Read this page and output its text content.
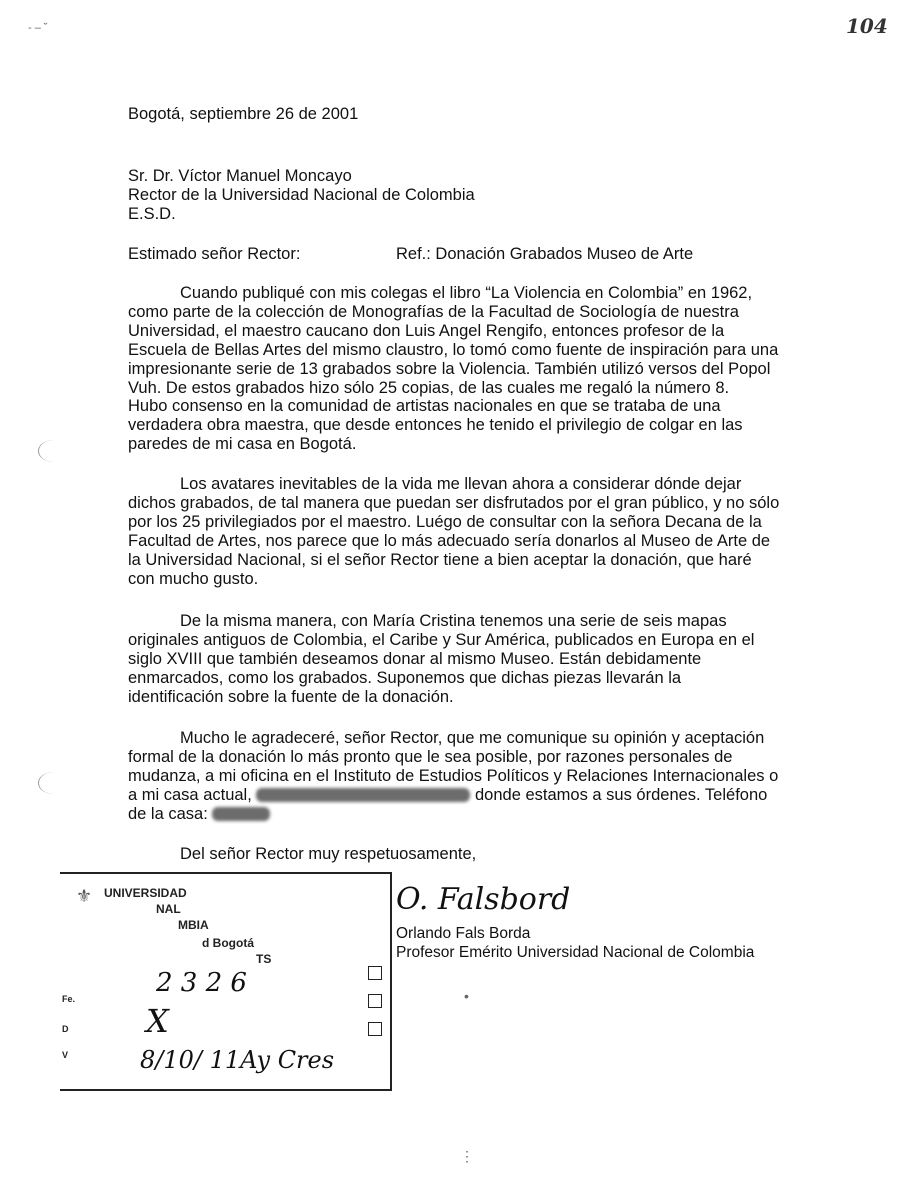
104
‑ ‒ ˘
Bogotá, septiembre 26 de 2001
Sr. Dr. Víctor Manuel Moncayo
Rector de la Universidad Nacional de Colombia
E.S.D.
Estimado señor Rector:	Ref.: Donación Grabados Museo de Arte
Cuando publiqué con mis colegas el libro “La Violencia en Colombia” en 1962,
como parte de la colección de Monografías de la Facultad de Sociología de nuestra
Universidad, el maestro caucano don Luis Angel Rengifo, entonces profesor de la
Escuela de Bellas Artes del mismo claustro, lo tomó como fuente de inspiración para una
impresionante serie de 13 grabados sobre la Violencia. También utilizó versos del Popol
Vuh. De estos grabados hizo sólo 25 copias, de las cuales me regaló la número 8.
Hubo consenso en la comunidad de artistas nacionales en que se trataba de una
verdadera obra maestra, que desde entonces he tenido el privilegio de colgar en las
paredes de mi casa en Bogotá.
Los avatares inevitables de la vida me llevan ahora a considerar dónde dejar
dichos grabados, de tal manera que puedan ser disfrutados por el gran público, y no sólo
por los 25 privilegiados por el maestro. Luégo de consultar con la señora Decana de la
Facultad de Artes, nos parece que lo más adecuado sería donarlos al Museo de Arte de
la Universidad Nacional, si el señor Rector tiene a bien aceptar la donación, que haré
con mucho gusto.
De la misma manera, con María Cristina tenemos una serie de seis mapas
originales antiguos de Colombia, el Caribe y Sur América, publicados en Europa en el
siglo XVIII que también deseamos donar al mismo Museo. Están debidamente
enmarcados, como los grabados. Suponemos que dichas piezas llevarán la
identificación sobre la fuente de la donación.
Mucho le agradeceré, señor Rector, que me comunique su opinión y aceptación
formal de la donación lo más pronto que le sea posible, por razones personales de
mudanza, a mi oficina en el Instituto de Estudios Políticos y Relaciones Internacionales o
a mi casa actual,	donde estamos a sus órdenes. Teléfono
de la casa:
Del señor Rector muy respetuosamente,
O. Falsbord
Orlando Fals Borda
Profesor Emérito Universidad Nacional de Colombia
⚜ UNIVERSIDAD
NAL
MBIA
d Bogotá
TS
Fe.
D
V
2 3 2 6
X
8/10/ 11Ay Cres
•
⋮
